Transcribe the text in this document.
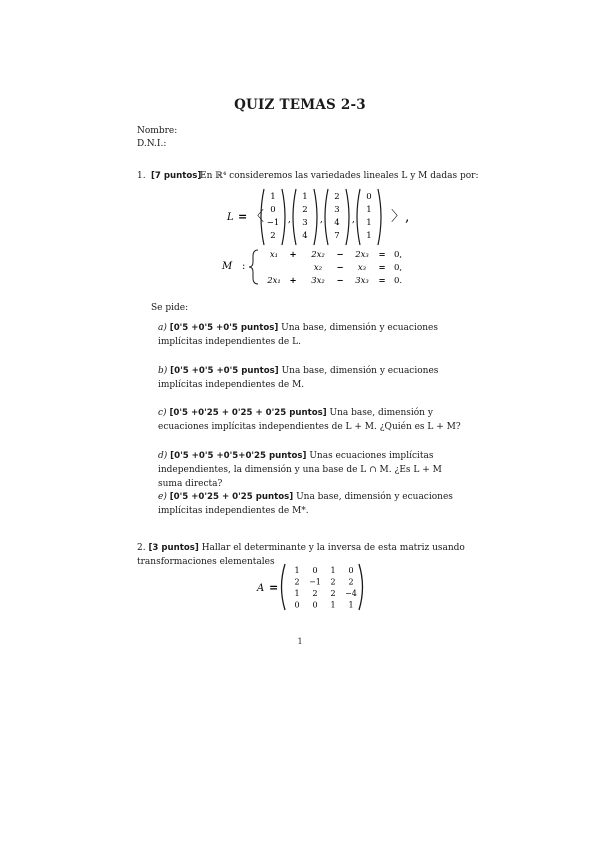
QUIZ TEMAS 2-3
Nombre:
D.N.I.:
1. [7 puntos]
En ℝ⁴ consideremos las variedades lineales L y M dadas por:
L = 〈
1
0
−1
2
,
1
2
3
4
,
2
3
4
7
,
0
1
1
1
〉,
M :
x₁ + 2x₂ − 2x₃ = 0,
x₂ − x₃ = 0,
2x₁ + 3x₂ − 3x₃ = 0.
Se pide:
a) [0'5 +0'5 +0'5 puntos] Una base, dimensión y ecuaciones implícitas independientes de L.
b) [0'5 +0'5 +0'5 puntos] Una base, dimensión y ecuaciones implícitas independientes de M.
c) [0'5 +0'25 + 0'25 + 0'25 puntos] Una base, dimensión y ecuaciones implícitas independientes de L + M. ¿Quién es L + M?
d) [0'5 +0'5 +0'5+0'25 puntos] Unas ecuaciones implícitas independientes, la dimensión y una base de L ∩ M. ¿Es L + M suma directa?
e) [0'5 +0'25 + 0'25 puntos] Una base, dimensión y ecuaciones implícitas independientes de M*.
2. [3 puntos] Hallar el determinante y la inversa de esta matriz usando transformaciones elementales
A =
1 0 1 0
2 −1 2 2
1 2 2 −4
0 0 1 1
1
